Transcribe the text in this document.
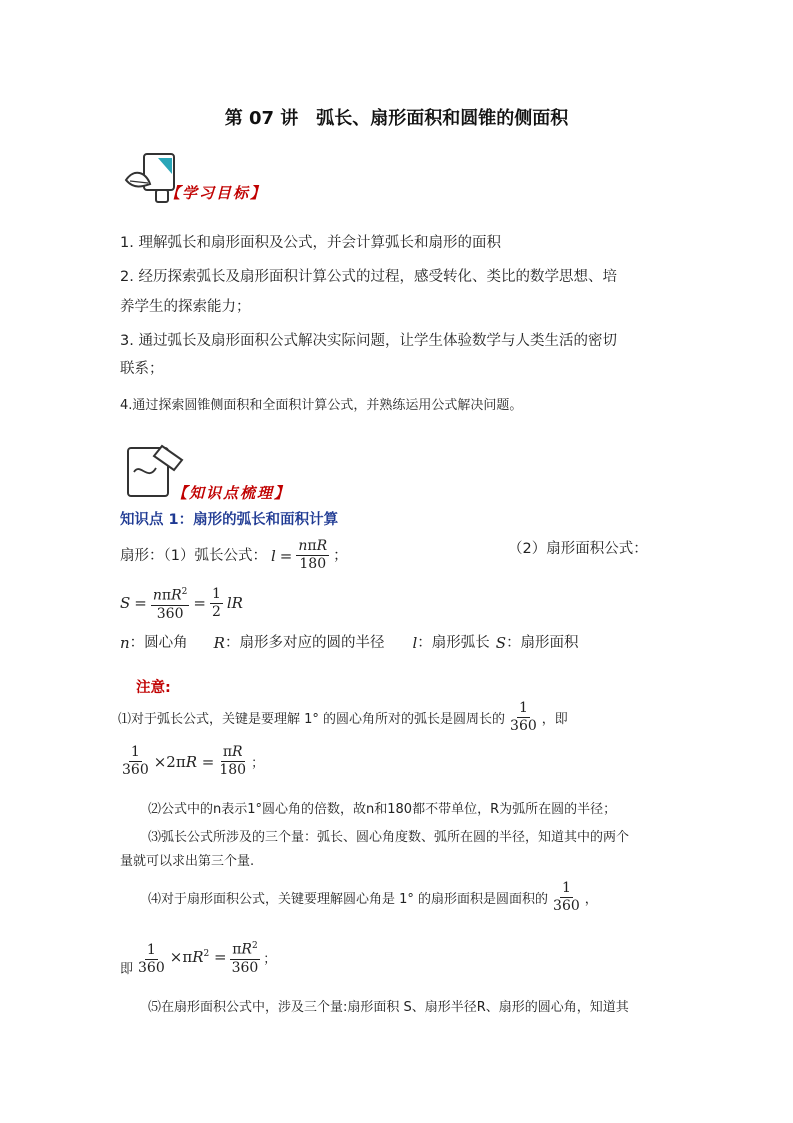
第 07 讲　弧长、扇形面积和圆锥的侧面积
【学习目标】
1. 理解弧长和扇形面积及公式，并会计算弧长和扇形的面积
2. 经历探索弧长及扇形面积计算公式的过程，感受转化、类比的数学思想、培
养学生的探索能力；
3. 通过弧长及扇形面积公式解决实际问题，让学生体验数学与人类生活的密切
联系；
4.通过探索圆锥侧面积和全面积计算公式，并熟练运用公式解决问题。
【知识点梳理】
知识点 1：扇形的弧长和面积计算
扇形：（1）弧长公式： $l = \frac{\text{nπR}}{180}$ ；	（2）扇形面积公式：
$S = \frac{n\pi R^2}{360} = \frac{1}{2}$ lR
n ：圆心角 R ：扇形多对应的圆的半径 l ：扇形弧长 S ：扇形面积
注意:
⑴对于弧长公式，关键是要理解 1° 的圆心角所对的弧长是圆周长的 $\frac{1}{360}$ ，即
$\frac{1}{360} \times 2\pi R = \frac{\pi R}{180}$ ；
⑵公式中的n表示1°圆心角的倍数，故n和180都不带单位，R为弧所在圆的半径；
⑶弧长公式所涉及的三个量：弧长、圆心角度数、弧所在圆的半径，知道其中的两个
量就可以求出第三个量.
⑷对于扇形面积公式，关键要理解圆心角是 1° 的扇形面积是圆面积的 $\frac{1}{360}$ ，
即 $\frac{1}{360} \times\pi R^2 = \frac{\pi R^2}{360}$ ；
⑸在扇形面积公式中，涉及三个量:扇形面积 S、扇形半径R、扇形的圆心角，知道其
